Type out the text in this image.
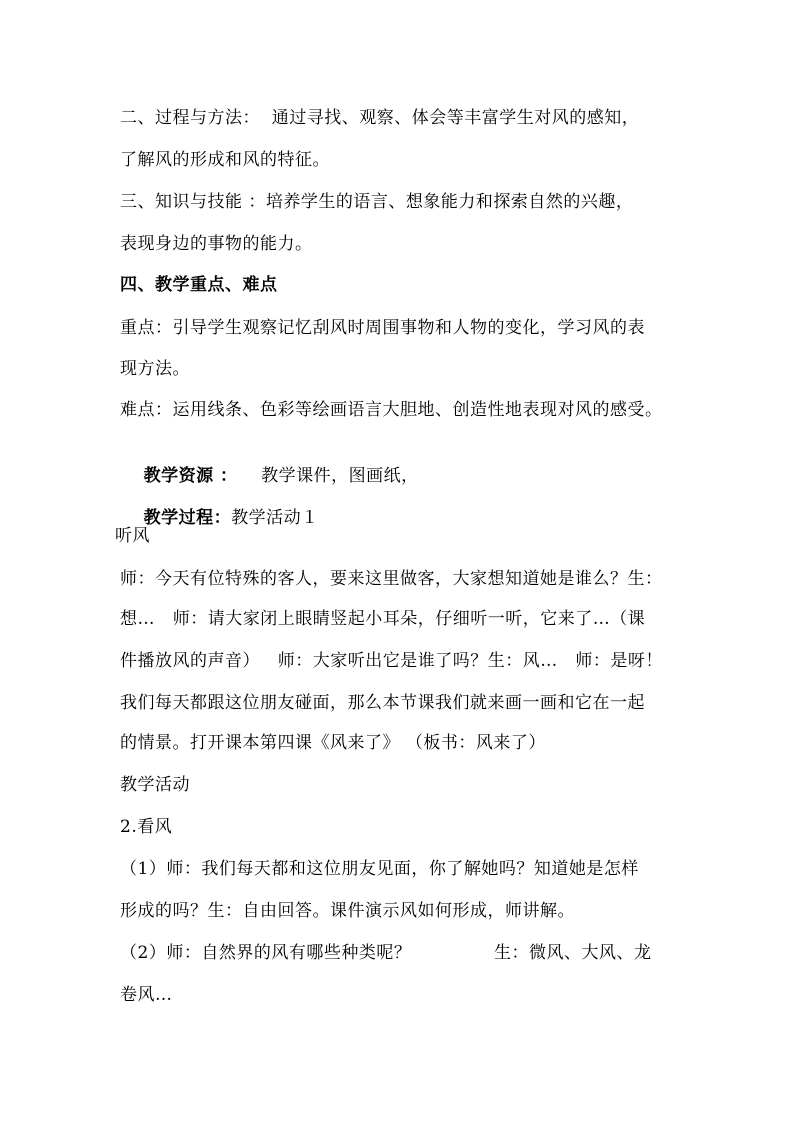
二、过程与方法：  通过寻找、观察、体会等丰富学生对风的感知，
了解风的形成和风的特征。
三、知识与技能 ：培养学生的语言、想象能力和探索自然的兴趣，
表现身边的事物的能力。
四、教学重点、难点
重点：引导学生观察记忆刮风时周围事物和人物的变化，学习风的表
现方法。
难点：运用线条、色彩等绘画语言大胆地、创造性地表现对风的感受。

教学资源 ：    教学课件，图画纸，

教学过程：教学活动１

听风
师：今天有位特殊的客人，要来这里做客，大家想知道她是谁么？生：
想…   师：请大家闭上眼睛竖起小耳朵，仔细听一听，它来了…（课
件播放风的声音）   师：大家听出它是谁了吗？生：风…   师：是呀！
我们每天都跟这位朋友碰面，那么本节课我们就来画一画和它在一起
的情景。打开课本第四课《风来了》 （板书：风来了）
教学活动
2.看风
（1）师：我们每天都和这位朋友见面，你了解她吗？知道她是怎样
形成的吗？生：自由回答。课件演示风如何形成，师讲解。
（2）师：自然界的风有哪些种类呢？              生：微风、大风、龙
卷风…
